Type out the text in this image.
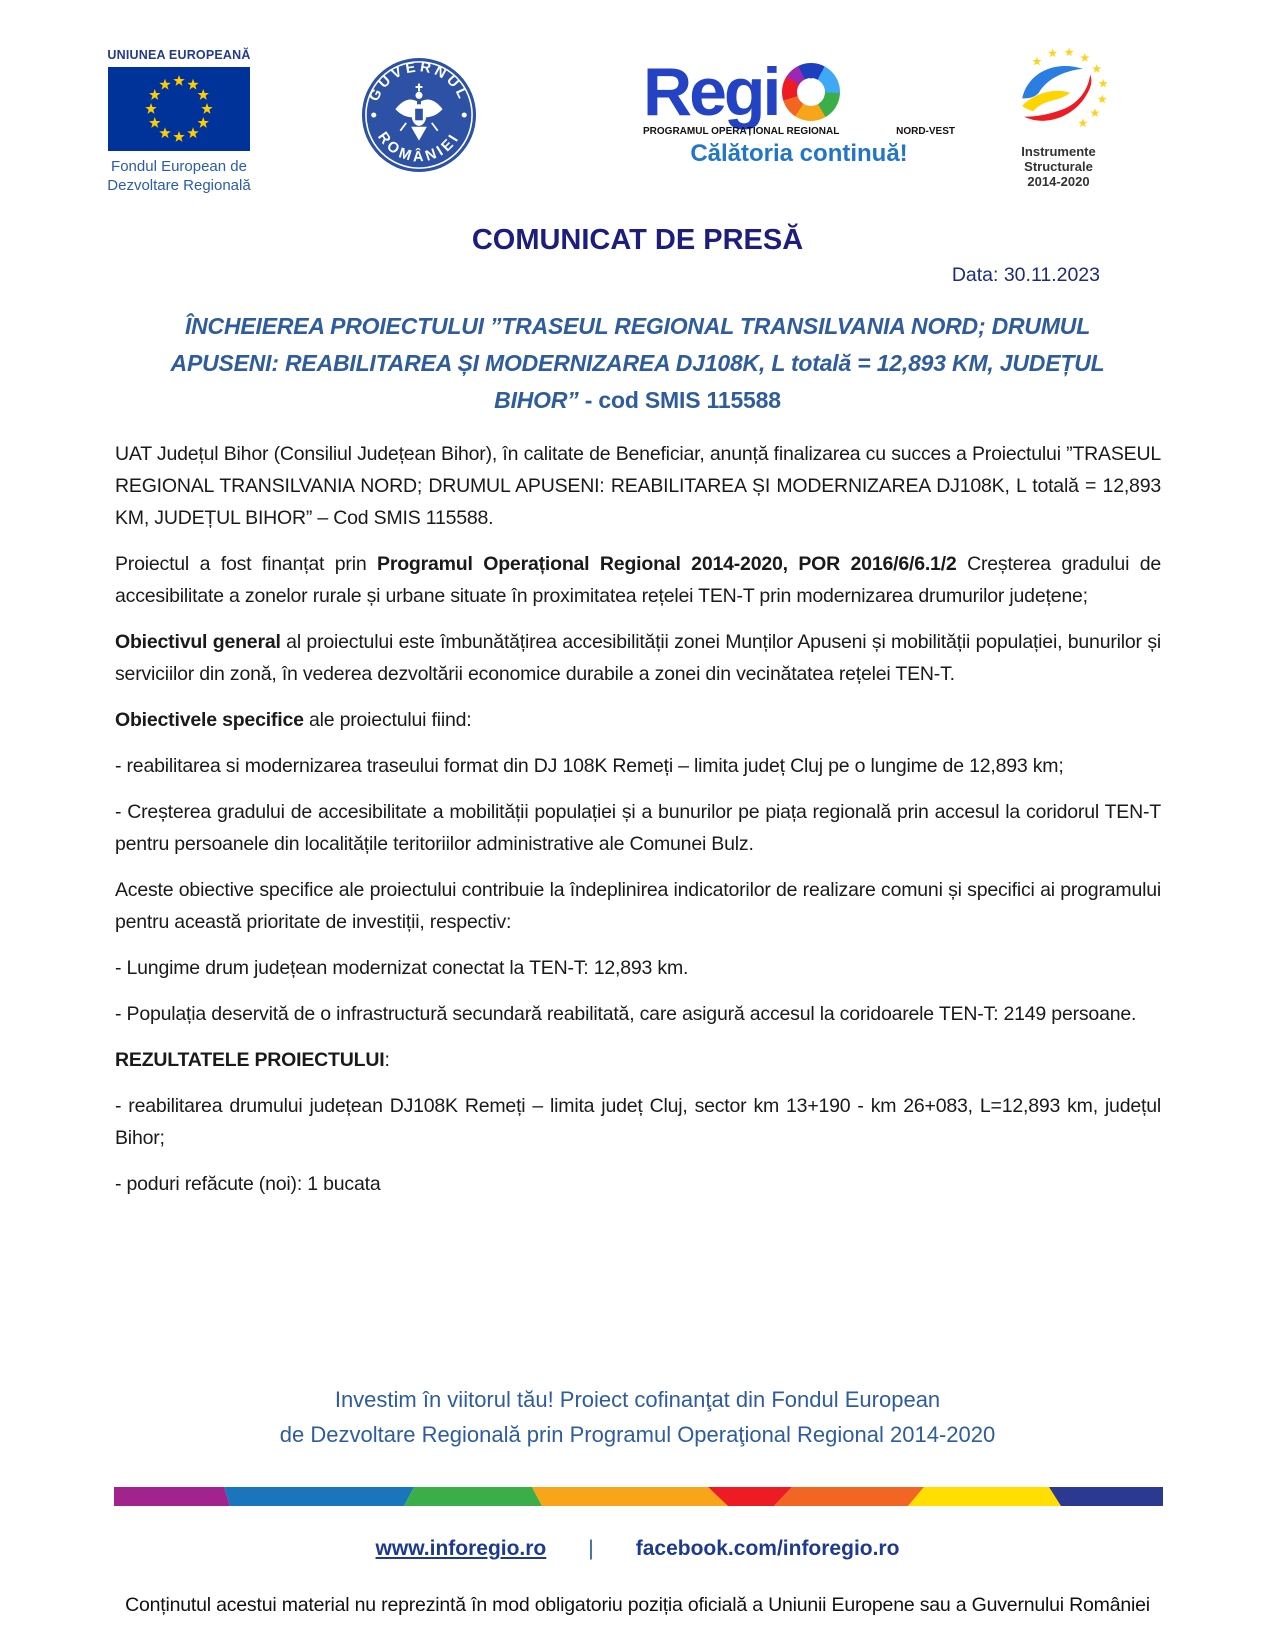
UNIUNEA EUROPEANĂ
Fondul European de
Dezvoltare Regională
GUVERNUL
ROMÂNIEI
Regi
PROGRAMUL OPERAȚIONAL REGIONAL	NORD-VEST
Călătoria continuă!	Instrumente Structurale
2014-2020
COMUNICAT DE PRESĂ
Data: 30.11.2023
ÎNCHEIEREA PROIECTULUI ”TRASEUL REGIONAL TRANSILVANIA NORD; DRUMUL
APUSENI: REABILITAREA ȘI MODERNIZAREA DJ108K, L totală = 12,893 KM, JUDEȚUL
BIHOR” - cod SMIS 115588

UAT Județul Bihor (Consiliul Județean Bihor), în calitate de Beneficiar, anunță finalizarea cu succes a Proiectului ”TRASEUL REGIONAL TRANSILVANIA NORD; DRUMUL APUSENI: REABILITAREA ȘI MODERNIZAREA DJ108K, L totală = 12,893 KM, JUDEȚUL BIHOR” – Cod SMIS 115588.

Proiectul a fost finanțat prin Programul Operațional Regional 2014-2020, POR 2016/6/6.1/2 Creșterea gradului de accesibilitate a zonelor rurale și urbane situate în proximitatea rețelei TEN-T prin modernizarea drumurilor județene;

Obiectivul general al proiectului este îmbunătățirea accesibilității zonei Munților Apuseni și mobilității populației, bunurilor și serviciilor din zonă, în vederea dezvoltării economice durabile a zonei din vecinătatea rețelei TEN-T.

Obiectivele specifice ale proiectului fiind:

- reabilitarea si modernizarea traseului format din DJ 108K Remeți – limita județ Cluj pe o lungime de 12,893 km;

- Creșterea gradului de accesibilitate a mobilității populației și a bunurilor pe piața regională prin accesul la coridorul TEN-T pentru persoanele din localitățile teritoriilor administrative ale Comunei Bulz.

Aceste obiective specifice ale proiectului contribuie la îndeplinirea indicatorilor de realizare comuni și specifici ai programului pentru această prioritate de investiții, respectiv:

- Lungime drum județean modernizat conectat la TEN-T: 12,893 km.

- Populația deservită de o infrastructură secundară reabilitată, care asigură accesul la coridoarele TEN-T: 2149 persoane.

REZULTATELE PROIECTULUI:

- reabilitarea drumului județean DJ108K Remeți – limita județ Cluj, sector km 13+190 - km 26+083, L=12,893 km, județul Bihor;

- poduri refăcute (noi): 1 bucata

Investim în viitorul tău! Proiect cofinanţat din Fondul European
de Dezvoltare Regională prin Programul Operaţional Regional 2014-2020
www.inforegio.ro | facebook.com/inforegio.ro
Conținutul acestui material nu reprezintă în mod obligatoriu poziția oficială a Uniunii Europene sau a Guvernului României
